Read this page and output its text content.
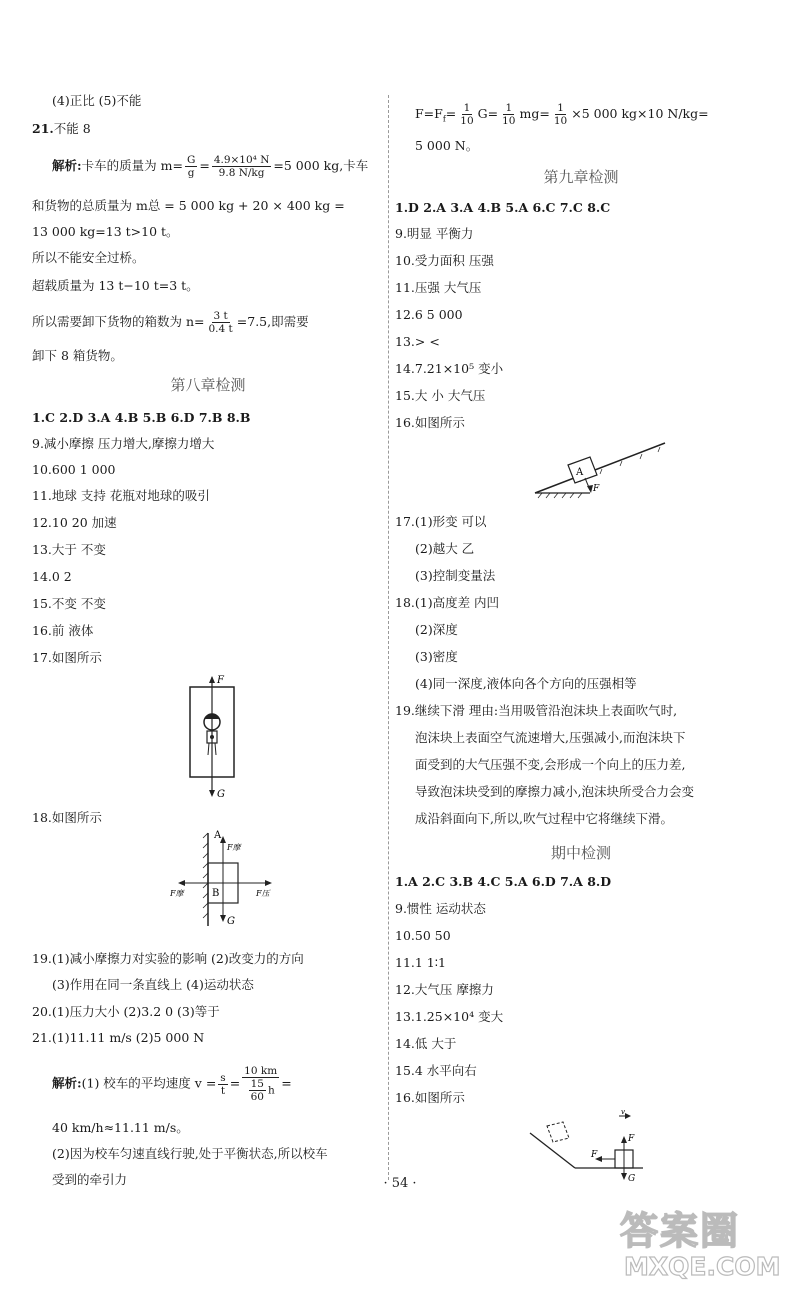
(4)正比 (5)不能
21.不能 8
解析:卡车的质量为 $m= \frac{G}{g} = \frac{\text{4.9×10⁴ N}}{9.8 N/kg} =5$ 000 kg,卡车
和货物的总质量为 m总 = 5 000 kg + 20 × 400 kg =
13 000 kg=13 t>10 t。
所以不能安全过桥。
超载质量为 13 t−10 t=3 t。
所以需要卸下货物的箱数为 $n= \frac{3 t}{0.4 t} =7.5$,即需要
卸下 8 箱货物。
第八章检测
1.C 2.D 3.A 4.B 5.B 6.D 7.B 8.B
9.减小摩擦 压力增大,摩擦力增大
10.600 1 000
11.地球 支持 花瓶对地球的吸引
12.10 20 加速
13.大于 不变
14.0 2
15.不变 不变
16.前 液体
17.如图所示
F
G
18.如图所示
A
B
F摩
F摩	F压
G
19.(1)减小摩擦力对实验的影响 (2)改变力的方向
(3)作用在同一条直线上 (4)运动状态
20.(1)压力大小 (2)3.2 0 (3)等于
21.(1)11.11 m/s (2)5 000 N
解析:(1) 校车的平均速度 $v = \frac{s}{t} = \frac{10 km}{\frac{15}{60} h}$ =
40 km/h≈11.11 m/s。
(2)因为校车匀速直线行驶,处于平衡状态,所以校车
受到的牵引力
$F=F_f= \frac{1}{10} G= \frac{1}{10} mg= \frac{1}{10} \times 5$ 000 kg×10 N/kg=
5 000 N。
第九章检测
1.D 2.A 3.A 4.B 5.A 6.C 7.C 8.C
9.明显 平衡力
10.受力面积 压强
11.压强 大气压
12.6 5 000
13.> <
14.7.21×10⁵ 变小
15.大 小 大气压
16.如图所示
A
F
17.(1)形变 可以
(2)越大 乙
(3)控制变量法
18.(1)高度差 内凹
(2)深度
(3)密度
(4)同一深度,液体向各个方向的压强相等
19.继续下滑 理由:当用吸管沿泡沫块上表面吹气时,
泡沫块上表面空气流速增大,压强减小,而泡沫块下
面受到的大气压强不变,会形成一个向上的压力差,
导致泡沫块受到的摩擦力减小,泡沫块所受合力会变
成沿斜面向下,所以,吹气过程中它将继续下滑。
期中检测
1.A 2.C 3.B 4.C 5.A 6.D 7.A 8.D
9.惯性 运动状态
10.50 50
11.1 1∶1
12.大气压 摩擦力
13.1.25×10⁴ 变大
14.低 大于
15.4 水平向右
16.如图所示
v
F
G
F
· 54 ·
答案圈
MXQE.COM
